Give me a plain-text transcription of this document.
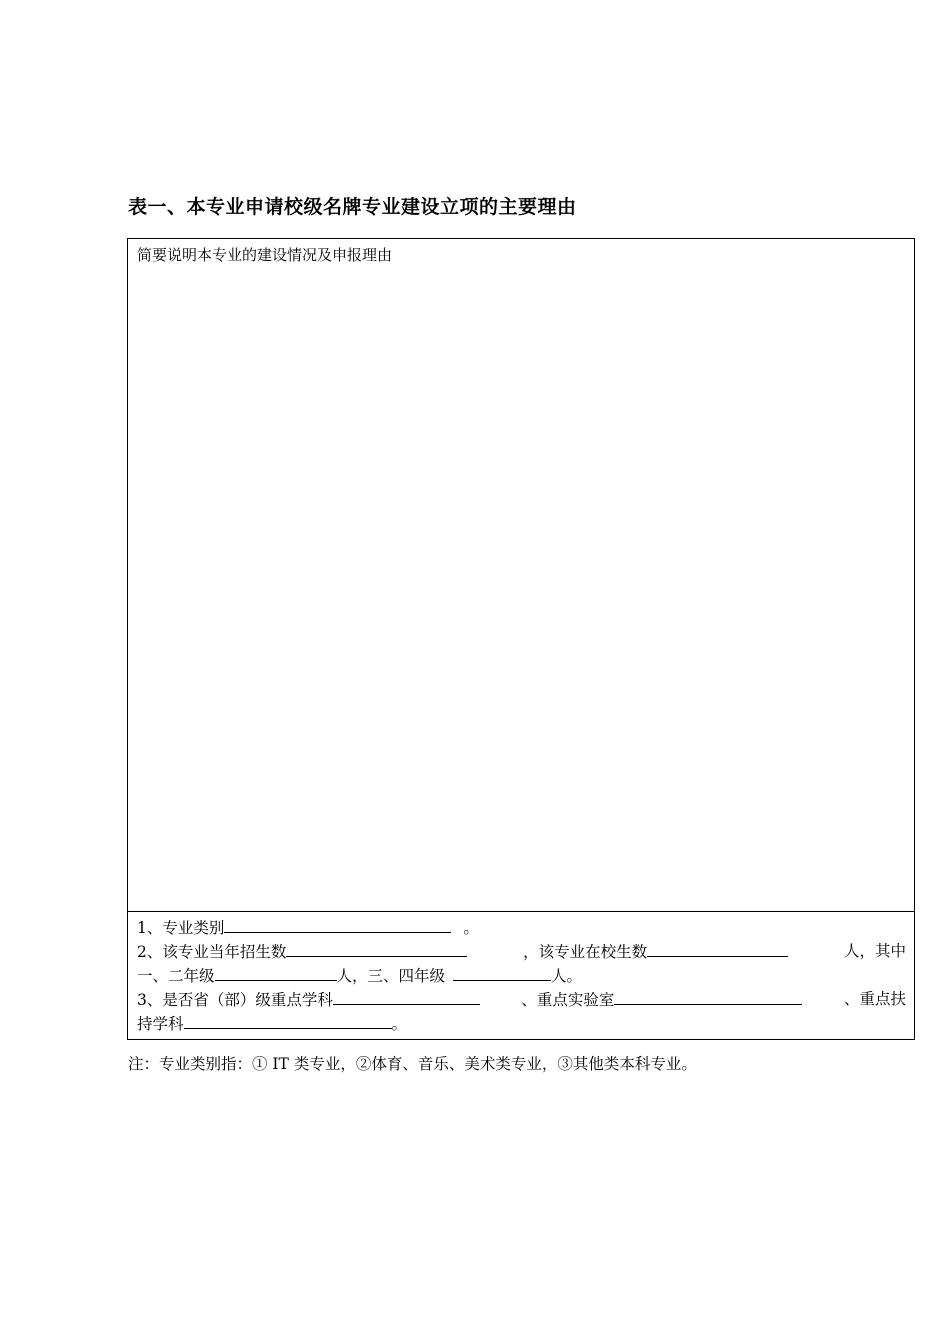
表一、本专业申请校级名牌专业建设立项的主要理由
简要说明本专业的建设情况及申报理由
1、专业类别	。
2、该专业当年招生数	，该专业在校生数	人，其中
一、二年级	人，三、四年级	人。
3、是否省（部）级重点学科	、重点实验室	、重点扶
持学科	。
注：专业类别指：① IT 类专业，②体育、音乐、美术类专业，③其他类本科专业。
